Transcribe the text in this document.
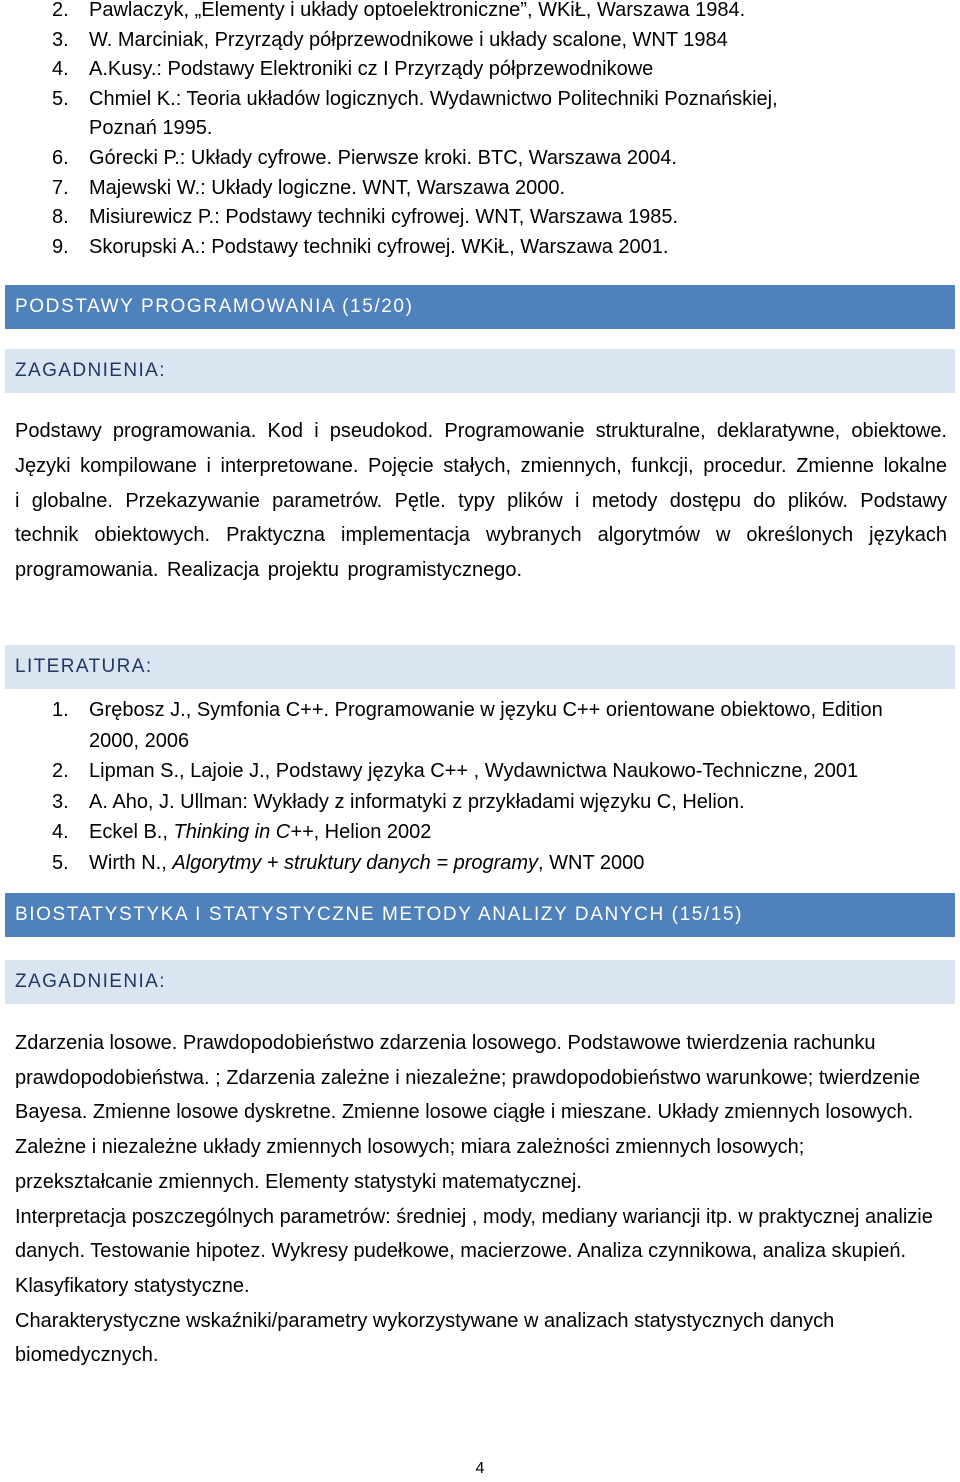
2.	Pawlaczyk, „Elementy i układy optoelektroniczne”, WKiŁ, Warszawa 1984.
3.	W. Marciniak, Przyrządy półprzewodnikowe i układy scalone, WNT 1984
4.	A.Kusy.: Podstawy Elektroniki cz I Przyrządy półprzewodnikowe
5.	Chmiel K.: Teoria układów logicznych. Wydawnictwo Politechniki Poznańskiej,
Poznań 1995.
6.	Górecki P.: Układy cyfrowe. Pierwsze kroki. BTC, Warszawa 2004.
7.	Majewski W.: Układy logiczne. WNT, Warszawa 2000.
8.	Misiurewicz P.: Podstawy techniki cyfrowej. WNT, Warszawa 1985.
9.	Skorupski A.: Podstawy techniki cyfrowej. WKiŁ, Warszawa 2001.
PODSTAWY PROGRAMOWANIA (15/20)
ZAGADNIENIA:
Podstawy programowania. Kod i pseudokod. Programowanie strukturalne, deklaratywne, obiektowe. Języki kompilowane i interpretowane. Pojęcie stałych, zmiennych, funkcji, procedur. Zmienne lokalne i globalne. Przekazywanie parametrów. Pętle. typy plików i metody dostępu do plików. Podstawy technik obiektowych. Praktyczna implementacja wybranych algorytmów w określonych językach programowania. Realizacja projektu programistycznego.
LITERATURA:
1.	Grębosz J., Symfonia C++. Programowanie w języku C++ orientowane obiektowo, Edition 2000, 2006
2.	Lipman S., Lajoie J., Podstawy języka C++ , Wydawnictwa Naukowo-Techniczne, 2001
3.	A. Aho, J. Ullman: Wykłady z informatyki z przykładami wjęzyku C, Helion.
4.	Eckel B., Thinking in C++, Helion 2002
5.	Wirth N., Algorytmy + struktury danych = programy, WNT 2000
BIOSTATYSTYKA I STATYSTYCZNE METODY ANALIZY DANYCH (15/15)
ZAGADNIENIA:

Zdarzenia losowe. Prawdopodobieństwo zdarzenia losowego. Podstawowe twierdzenia rachunku prawdopodobieństwa. ; Zdarzenia zależne i niezależne; prawdopodobieństwo warunkowe; twierdzenie Bayesa. Zmienne losowe dyskretne. Zmienne losowe ciągłe i mieszane. Układy zmiennych losowych. Zależne i niezależne układy zmiennych losowych; miara zależności zmiennych losowych; przekształcanie zmiennych. Elementy statystyki matematycznej.

Interpretacja poszczególnych parametrów: średniej , mody, mediany wariancji itp. w praktycznej analizie danych. Testowanie hipotez. Wykresy pudełkowe, macierzowe. Analiza czynnikowa, analiza skupień. Klasyfikatory statystyczne.

Charakterystyczne wskaźniki/parametry wykorzystywane w analizach statystycznych danych biomedycznych.

4
